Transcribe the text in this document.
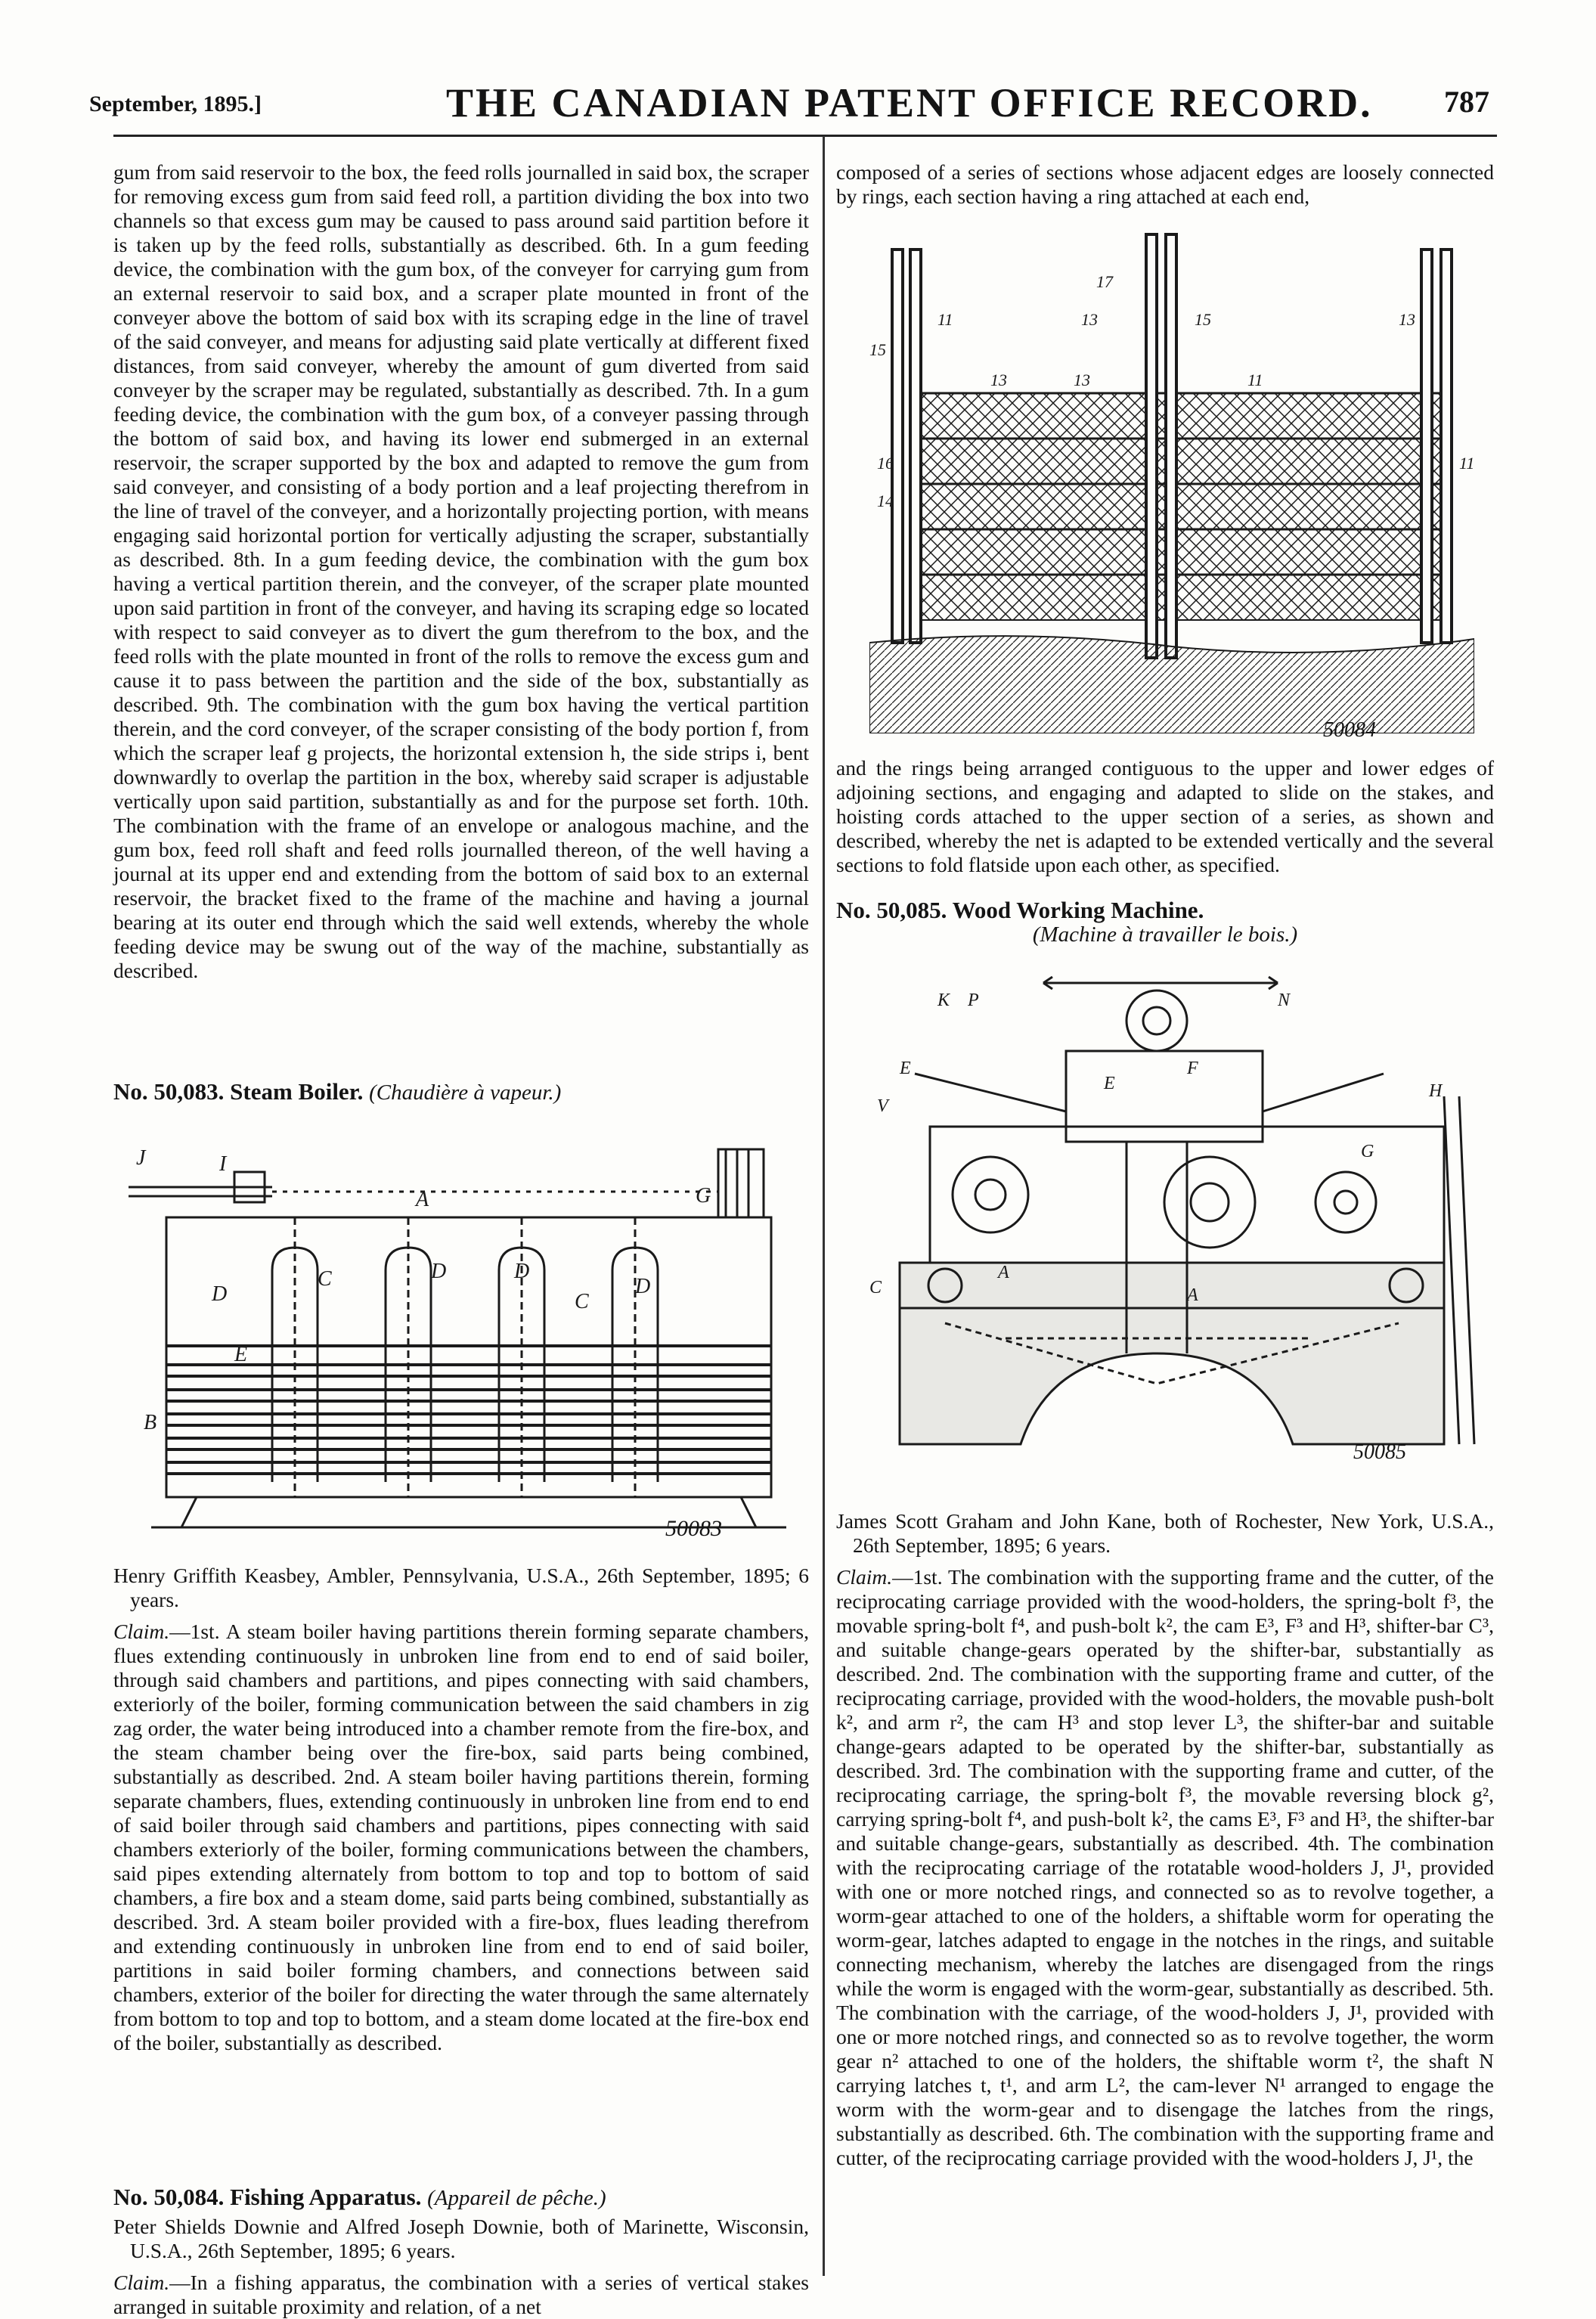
September, 1895.]	THE CANADIAN PATENT OFFICE RECORD. 787

gum from said reservoir to the box, the feed rolls journalled in said box, the scraper for removing excess gum from said feed roll, a partition dividing the box into two channels so that excess gum may be caused to pass around said partition before it is taken up by the feed rolls, substantially as described. 6th. In a gum feeding device, the combination with the gum box, of the conveyer for carrying gum from an external reservoir to said box, and a scraper plate mounted in front of the conveyer above the bottom of said box with its scraping edge in the line of travel of the said conveyer, and means for adjusting said plate vertically at different fixed distances, from said conveyer, whereby the amount of gum diverted from said conveyer by the scraper may be regulated, substantially as described. 7th. In a gum feeding device, the combination with the gum box, of a conveyer passing through the bottom of said box, and having its lower end submerged in an external reservoir, the scraper supported by the box and adapted to remove the gum from said conveyer, and consisting of a body portion and a leaf projecting therefrom in the line of travel of the conveyer, and a horizontally projecting portion, with means engaging said horizontal portion for vertically adjusting the scraper, substantially as described. 8th. In a gum feeding device, the combination with the gum box having a vertical partition therein, and the conveyer, of the scraper plate mounted upon said partition in front of the conveyer, and having its scraping edge so located with respect to said conveyer as to divert the gum therefrom to the box, and the feed rolls with the plate mounted in front of the rolls to remove the excess gum and cause it to pass between the partition and the side of the box, substantially as described. 9th. The combination with the gum box having the vertical partition therein, and the cord conveyer, of the scraper consisting of the body portion f, from which the scraper leaf g projects, the horizontal extension h, the side strips i, bent downwardly to overlap the partition in the box, whereby said scraper is adjustable vertically upon said partition, substantially as and for the purpose set forth. 10th. The combination with the frame of an envelope or analogous machine, and the gum box, feed roll shaft and feed rolls journalled thereon, of the well having a journal at its upper end and extending from the bottom of said box to an external reservoir, the bracket fixed to the frame of the machine and having a journal bearing at its outer end through which the said well extends, whereby the whole feeding device may be swung out of the way of the machine, substantially as described.

No. 50,083. Steam Boiler. (Chaudière à vapeur.)

J	I
A	G
D
C	D	D
C
D
E
B
50083

Henry Griffith Keasbey, Ambler, Pennsylvania, U.S.A., 26th September, 1895; 6 years.

Claim.—1st. A steam boiler having partitions therein forming separate chambers, flues extending continuously in unbroken line from end to end of said boiler, through said chambers and partitions, and pipes connecting with said chambers, exteriorly of the boiler, forming communication between the said chambers in zig zag order, the water being introduced into a chamber remote from the fire-box, and the steam chamber being over the fire-box, said parts being combined, substantially as described. 2nd. A steam boiler having partitions therein, forming separate chambers, flues, extending continuously in unbroken line from end to end of said boiler through said chambers and partitions, pipes connecting with said chambers exteriorly of the boiler, forming communications between the chambers, said pipes extending alternately from bottom to top and top to bottom of said chambers, a fire box and a steam dome, said parts being combined, substantially as described. 3rd. A steam boiler provided with a fire-box, flues leading therefrom and extending continuously in unbroken line from end to end of said boiler, partitions in said boiler forming chambers, and connections between said chambers, exterior of the boiler for directing the water through the same alternately from bottom to top and top to bottom, and a steam dome located at the fire-box end of the boiler, substantially as described.

No. 50,084. Fishing Apparatus. (Appareil de pêche.)

Peter Shields Downie and Alfred Joseph Downie, both of Marinette, Wisconsin, U.S.A., 26th September, 1895; 6 years.

Claim.—In a fishing apparatus, the combination with a series of vertical stakes arranged in suitable proximity and relation, of a net

composed of a series of sections whose adjacent edges are loosely connected by rings, each section having a ring attached at each end,

11
15
17
13	15	13
16
14
11
13	13	11
50084

and the rings being arranged contiguous to the upper and lower edges of adjoining sections, and engaging and adapted to slide on the stakes, and hoisting cords attached to the upper section of a series, as shown and described, whereby the net is adapted to be extended vertically and the several sections to fold flatside upon each other, as specified.

No. 50,085. Wood Working Machine.

(Machine à travailler le bois.)

K P
E
V
E
F
A
A
G
C
H
N
50085

James Scott Graham and John Kane, both of Rochester, New York, U.S.A., 26th September, 1895; 6 years.

Claim.—1st. The combination with the supporting frame and the cutter, of the reciprocating carriage provided with the wood-holders, the spring-bolt f³, the movable spring-bolt f⁴, and push-bolt k², the cam E³, F³ and H³, shifter-bar C³, and suitable change-gears operated by the shifter-bar, substantially as described. 2nd. The combination with the supporting frame and cutter, of the reciprocating carriage, provided with the wood-holders, the movable push-bolt k², and arm r², the cam H³ and stop lever L³, the shifter-bar and suitable change-gears adapted to be operated by the shifter-bar, substantially as described. 3rd. The combination with the supporting frame and cutter, of the reciprocating carriage, the spring-bolt f³, the movable reversing block g², carrying spring-bolt f⁴, and push-bolt k², the cams E³, F³ and H³, the shifter-bar and suitable change-gears, substantially as described. 4th. The combination with the reciprocating carriage of the rotatable wood-holders J, J¹, provided with one or more notched rings, and connected so as to revolve together, a worm-gear attached to one of the holders, a shiftable worm for operating the worm-gear, latches adapted to engage in the notches in the rings, and suitable connecting mechanism, whereby the latches are disengaged from the rings while the worm is engaged with the worm-gear, substantially as described. 5th. The combination with the carriage, of the wood-holders J, J¹, provided with one or more notched rings, and connected so as to revolve together, the worm gear n² attached to one of the holders, the shiftable worm t², the shaft N carrying latches t, t¹, and arm L², the cam-lever N¹ arranged to engage the worm with the worm-gear and to disengage the latches from the rings, substantially as described. 6th. The combination with the supporting frame and cutter, of the reciprocating carriage provided with the wood-holders J, J¹, the
